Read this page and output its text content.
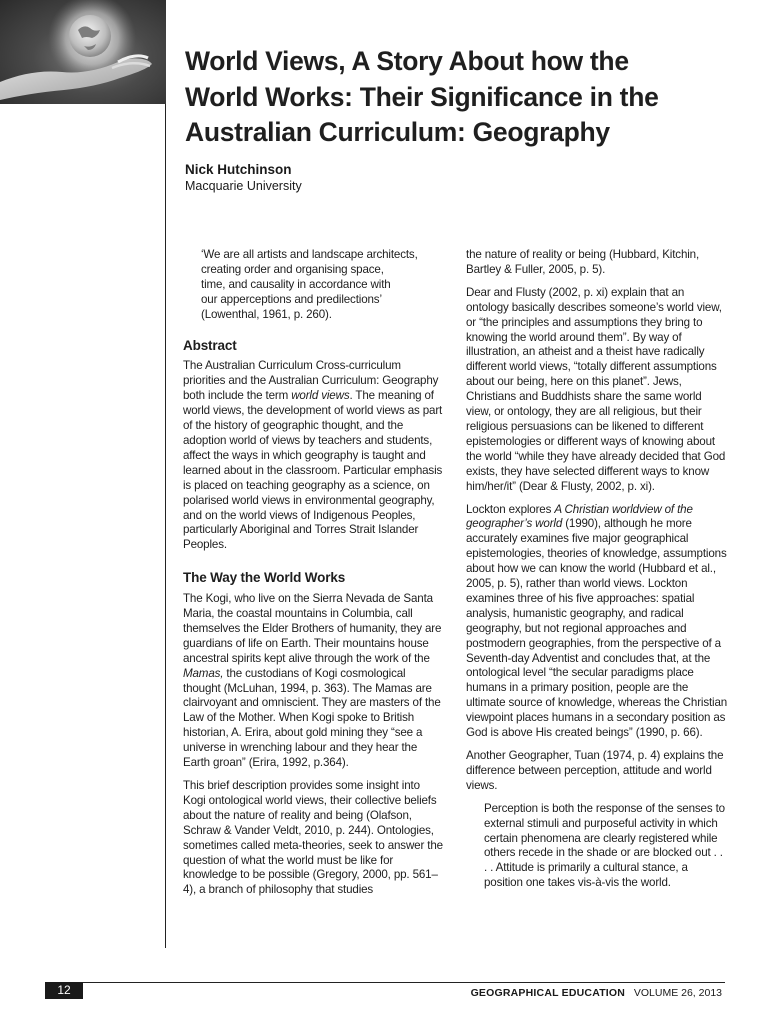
World Views, A Story About how the
World Works: Their Significance in the
Australian Curriculum: Geography
Nick Hutchinson
Macquarie University

‘We are all artists and landscape architects,
creating order and organising space,
time, and causality in accordance with
our apperceptions and predilections’
(Lowenthal, 1961, p. 260).

Abstract

The Australian Curriculum Cross-curriculum priorities and the Australian Curriculum: Geography both include the term world views. The meaning of world views, the development of world views as part of the history of geographic thought, and the adoption world of views by teachers and students, affect the ways in which geography is taught and learned about in the classroom. Particular emphasis is placed on teaching geography as a science, on polarised world views in environmental geography, and on the world views of Indigenous Peoples, particularly Aboriginal and Torres Strait Islander Peoples.

The Way the World Works

The Kogi, who live on the Sierra Nevada de Santa Maria, the coastal mountains in Columbia, call themselves the Elder Brothers of humanity, they are guardians of life on Earth. Their mountains house ancestral spirits kept alive through the work of the Mamas, the custodians of Kogi cosmological thought (McLuhan, 1994, p. 363). The Mamas are clairvoyant and omniscient. They are masters of the Law of the Mother. When Kogi spoke to British historian, A. Erira, about gold mining they “see a universe in wrenching labour and they hear the Earth groan” (Erira, 1992, p.364).

This brief description provides some insight into Kogi ontological world views, their collective beliefs about the nature of reality and being (Olafson, Schraw & Vander Veldt, 2010, p. 244). Ontologies, sometimes called meta-theories, seek to answer the question of what the world must be like for knowledge to be possible (Gregory, 2000, pp. 561–4), a branch of philosophy that studies

the nature of reality or being (Hubbard, Kitchin, Bartley & Fuller, 2005, p. 5).

Dear and Flusty (2002, p. xi) explain that an ontology basically describes someone’s world view, or “the principles and assumptions they bring to knowing the world around them”. By way of illustration, an atheist and a theist have radically different world views, “totally different assumptions about our being, here on this planet”. Jews, Christians and Buddhists share the same world view, or ontology, they are all religious, but their religious persuasions can be likened to different epistemologies or different ways of knowing about the world “while they have already decided that God exists, they have selected different ways to know him/her/it” (Dear & Flusty, 2002, p. xi).

Lockton explores A Christian worldview of the geographer’s world (1990), although he more accurately examines five major geographical epistemologies, theories of knowledge, assumptions about how we can know the world (Hubbard et al., 2005, p. 5), rather than world views. Lockton examines three of his five approaches: spatial analysis, humanistic geography, and radical geography, but not regional approaches and postmodern geographies, from the perspective of a Seventh-day Adventist and concludes that, at the ontological level “the secular paradigms place humans in a primary position, people are the ultimate source of knowledge, whereas the Christian viewpoint places humans in a secondary position as God is above His created beings” (1990, p. 66).

Another Geographer, Tuan (1974, p. 4) explains the difference between perception, attitude and world views.

Perception is both the response of the senses to external stimuli and purposeful activity in which certain phenomena are clearly registered while others recede in the shade or are blocked out . . . . Attitude is primarily a cultural stance, a position one takes vis-à-vis the world.

12	GEOGRAPHICAL EDUCATION VOLUME 26, 2013
